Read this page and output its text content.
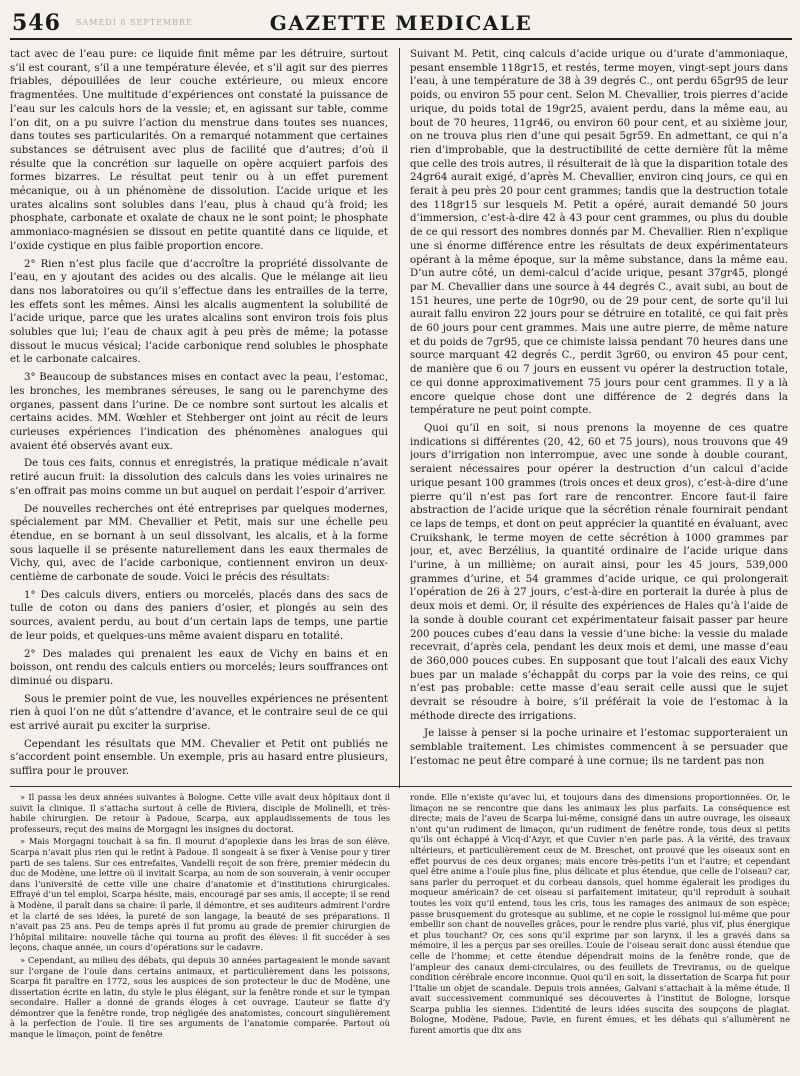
546 SAMEDI 8 SEPTEMBRE	GAZETTE MEDICALE

tact avec de l’eau pure: ce liquide finit même par les détruire, surtout s’il est courant, s’il a une température élevée, et s’il agit sur des pierres friables, dépouillées de leur couche extérieure, ou mieux encore fragmentées. Une multitude d’expériences ont constaté la puissance de l’eau sur les calculs hors de la vessie; et, en agissant sur table, comme l’on dit, on a pu suivre l’action du menstrue dans toutes ses nuances, dans toutes ses particularités. On a remarqué notamment que certaines substances se détruisent avec plus de facilité que d’autres; d’où il résulte que la concrétion sur laquelle on opère acquiert parfois des formes bizarres. Le résultat peut tenir ou à un effet purement mécanique, ou à un phénomène de dissolution. L’acide urique et les urates alcalins sont solubles dans l’eau, plus à chaud qu’à froid; les phosphate, carbonate et oxalate de chaux ne le sont point; le phosphate ammoniaco-magnésien se dissout en petite quantité dans ce liquide, et l’oxide cystique en plus faible proportion encore.

2° Rien n’est plus facile que d’accroître la propriété dissolvante de l’eau, en y ajoutant des acides ou des alcalis. Que le mélange ait lieu dans nos laboratoires ou qu’il s’effectue dans les entrailles de la terre, les effets sont les mêmes. Ainsi les alcalis augmentent la solubilité de l’acide urique, parce que les urates alcalins sont environ trois fois plus solubles que lui; l’eau de chaux agit à peu près de même; la potasse dissout le mucus vésical; l’acide carbonique rend solubles le phosphate et le carbonate calcaires.

3° Beaucoup de substances mises en contact avec la peau, l’estomac, les bronches, les membranes séreuses, le sang ou le parenchyme des organes, passent dans l’urine. De ce nombre sont surtout les alcalis et certains acides. MM. Wœhler et Stehberger ont joint au récit de leurs curieuses expériences l’indication des phénomènes analogues qui avaient été observés avant eux.

De tous ces faits, connus et enregistrés, la pratique médicale n’avait retiré aucun fruit: la dissolution des calculs dans les voies urinaires ne s’en offrait pas moins comme un but auquel on perdait l’espoir d’arriver.

De nouvelles recherches ont été entreprises par quelques modernes, spécialement par MM. Chevallier et Petit, mais sur une échelle peu étendue, en se bornant à un seul dissolvant, les alcalis, et à la forme sous laquelle il se présente naturellement dans les eaux thermales de Vichy, qui, avec de l’acide carbonique, contiennent environ un deux-centième de carbonate de soude. Voici le précis des résultats:

1° Des calculs divers, entiers ou morcelés, placés dans des sacs de tulle de coton ou dans des paniers d’osier, et plongés au sein des sources, avaient perdu, au bout d’un certain laps de temps, une partie de leur poids, et quelques-uns même avaient disparu en totalité.

2° Des malades qui prenaient les eaux de Vichy en bains et en boisson, ont rendu des calculs entiers ou morcelés; leurs souffrances ont diminué ou disparu.

Sous le premier point de vue, les nouvelles expériences ne présentent rien à quoi l’on ne dût s’attendre d’avance, et le contraire seul de ce qui est arrivé aurait pu exciter la surprise.

Cependant les résultats que MM. Chevalier et Petit ont publiés ne s’accordent point ensemble. Un exemple, pris au hasard entre plusieurs, suffira pour le prouver.

Suivant M. Petit, cinq calculs d’acide urique ou d’urate d’ammoniaque, pesant ensemble 118gr15, et restés, terme moyen, vingt-sept jours dans l’eau, à une température de 38 à 39 degrés C., ont perdu 65gr95 de leur poids, ou environ 55 pour cent. Selon M. Chevallier, trois pierres d’acide urique, du poids total de 19gr25, avaient perdu, dans la même eau, au bout de 70 heures, 11gr46, ou environ 60 pour cent, et au sixième jour, on ne trouva plus rien d’une qui pesait 5gr59. En admettant, ce qui n’a rien d’improbable, que la destructibilité de cette dernière fût la même que celle des trois autres, il résulterait de là que la disparition totale des 24gr64 aurait exigé, d’après M. Chevallier, environ cinq jours, ce qui en ferait à peu près 20 pour cent grammes; tandis que la destruction totale des 118gr15 sur lesquels M. Petit a opéré, aurait demandé 50 jours d’immersion, c’est-à-dire 42 à 43 pour cent grammes, ou plus du double de ce qui ressort des nombres donnés par M. Chevallier. Rien n’explique une si énorme différence entre les résultats de deux expérimentateurs opérant à la même époque, sur la même substance, dans la même eau. D’un autre côté, un demi-calcul d’acide urique, pesant 37gr45, plongé par M. Chevallier dans une source à 44 degrés C., avait subi, au bout de 151 heures, une perte de 10gr90, ou de 29 pour cent, de sorte qu’il lui aurait fallu environ 22 jours pour se détruire en totalité, ce qui fait près de 60 jours pour cent grammes. Mais une autre pierre, de même nature et du poids de 7gr95, que ce chimiste laissa pendant 70 heures dans une source marquant 42 degrés C., perdit 3gr60, ou environ 45 pour cent, de manière que 6 ou 7 jours en eussent vu opérer la destruction totale, ce qui donne approximativement 75 jours pour cent grammes. Il y a là encore quelque chose dont une différence de 2 degrés dans la température ne peut point compte.

Quoi qu’il en soit, si nous prenons la moyenne de ces quatre indications si différentes (20, 42, 60 et 75 jours), nous trouvons que 49 jours d’irrigation non interrompue, avec une sonde à double courant, seraient nécessaires pour opérer la destruction d’un calcul d’acide urique pesant 100 grammes (trois onces et deux gros), c’est-à-dire d’une pierre qu’il n’est pas fort rare de rencontrer. Encore faut-il faire abstraction de l’acide urique que la sécrétion rénale fournirait pendant ce laps de temps, et dont on peut apprécier la quantité en évaluant, avec Cruikshank, le terme moyen de cette sécrétion à 1000 grammes par jour, et, avec Berzélius, la quantité ordinaire de l’acide urique dans l’urine, à un millième; on aurait ainsi, pour les 45 jours, 539,000 grammes d’urine, et 54 grammes d’acide urique, ce qui prolongerait l’opération de 26 à 27 jours, c’est-à-dire en porterait la durée à plus de deux mois et demi. Or, il résulte des expériences de Hales qu’à l’aide de la sonde à double courant cet expérimentateur faisait passer par heure 200 pouces cubes d’eau dans la vessie d’une biche: la vessie du malade recevrait, d’après cela, pendant les deux mois et demi, une masse d’eau de 360,000 pouces cubes. En supposant que tout l’alcali des eaux Vichy bues par un malade s’échappât du corps par la voie des reins, ce qui n’est pas probable: cette masse d’eau serait celle aussi que le sujet devrait se résoudre à boire, s’il préférait la voie de l’estomac à la méthode directe des irrigations.

Je laisse à penser si la poche urinaire et l’estomac supporteraient un semblable traitement. Les chimistes commencent à se persuader que l’estomac ne peut être comparé à une cornue; ils ne tardent pas non

» Il passa les deux années suivantes à Bologne. Cette ville avait deux hôpitaux dont il suivit la clinique. Il s’attacha surtout à celle de Riviera, disciple de Molinelli, et très-habile chirurgien. De retour à Padoue, Scarpa, aux applaudissements de tous les professeurs, reçut des mains de Morgagni les insignes du doctorat.

» Mais Morgagni touchait à sa fin. Il mourut d’apoplexie dans les bras de son élève. Scarpa n’avait plus rien qui le retînt à Padoue. Il songeait à se fixer à Venise pour y tirer parti de ses talens. Sur ces entrefaites, Vandelli reçoit de son frère, premier médecin du duc de Modène, une lettre où il invitait Scarpa, au nom de son souverain, à venir occuper dans l’université de cette ville une chaire d’anatomie et d’institutions chirurgicales. Effrayé d’un tel emploi, Scarpa hésite, mais, encouragé par ses amis, il accepte; il se rend à Modène, il paraît dans sa chaire: il parle, il démontre, et ses auditeurs admirent l’ordre et la clarté de ses idées, la pureté de son langage, la beauté de ses préparations. Il n’avait pas 25 ans. Peu de temps après il fut promu au grade de premier chirurgien de l’hôpital militaire: nouvelle tâche qui tourna au profit des élèves: il fit succéder à ses leçons, chaque année, un cours d’opérations sur le cadavre.

» Cependant, au milieu des débats, qui depuis 30 années partageaient le monde savant sur l’organe de l’ouïe dans certains animaux, et particulièrement dans les poissons, Scarpa fit paraître en 1772, sous les auspices de son protecteur le duc de Modène, une dissertation écrite en latin, du style le plus élégant, sur la fenêtre ronde et sur le tympan secondaire. Haller a donné de grands éloges à cet ouvrage. L’auteur se flatte d’y démontrer que la fenêtre ronde, trop négligée des anatomistes, concourt singulièrement à la perfection de l’ouïe. Il tire ses arguments de l’anatomie comparée. Partout où manque le limaçon, point de fenêtre

ronde. Elle n’existe qu’avec lui, et toujours dans des dimensions proportionnées. Or, le limaçon ne se rencontre que dans les animaux les plus parfaits. La conséquence est directe; mais de l’aveu de Scarpa lui-même, consigné dans un autre ouvrage, les oiseaux n’ont qu’un rudiment de limaçon, qu’un rudiment de fenêtre ronde, tous deux si petits qu’ils ont échappé à Vicq-d’Azyr, et que Cuvier n’en parle pas. À la vérité, des travaux ultérieurs, et particulièrement ceux de M. Breschet, ont prouvé que les oiseaux sont en effet pourvus de ces deux organes; mais encore très-petits l’un et l’autre; et cependant quel être anime a l’ouïe plus fine, plus délicate et plus étendue, que celle de l’oiseau? car, sans parler du perroquet et du corbeau dansois, quel homme égalerait les prodiges du moqueur américain? de cet oiseau si parfaitement imitateur, qu’il reproduit à souhait toutes les voix qu’il entend, tous les cris, tous les ramages des animaux de son espèce; passe brusquement du grotesque au sublime, et ne copie le rossignol lui-même que pour embellir son chant de nouvelles grâces, pour le rendre plus varié, plus vif, plus énergique et plus touchant? Or, ces sons qu’il exprime par son larynx, il les a gravés dans sa mémoire, il les a perçus par ses oreilles. L’ouïe de l’oiseau serait donc aussi étendue que celle de l’homme; et cette étendue dépendrait moins de la fenêtre ronde, que de l’ampleur des canaux demi-circulaires, ou des feuillets de Treviranus, ou de quelque condition cérébrale encore inconnue. Quoi qu’il en soit, la dissertation de Scarpa fut pour l’Italie un objet de scandale. Depuis trois années, Galvani s’attachait à la même étude. Il avait successivement communiqué ses découvertes à l’institut de Bologne, lorsque Scarpa publia les siennes. L’identité de leurs idées suscita des soupçons de plagiat. Bologne, Modène, Padoue, Pavie, en furent émues, et les débats qui s’allumèrent ne furent amortis que dix ans
